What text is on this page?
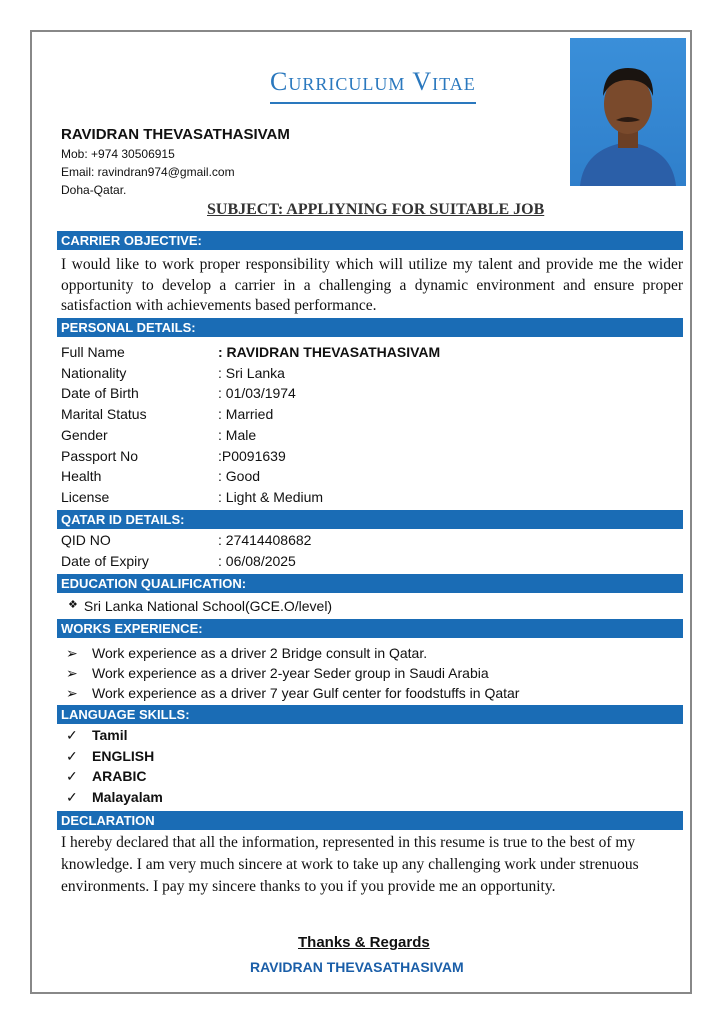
Curriculum Vitae
RAVIDRAN THEVASATHASIVAM
Mob: +974 30506915
Email: ravindran974@gmail.com
Doha-Qatar.
SUBJECT: APPLIYNING FOR SUITABLE JOB
CARRIER OBJECTIVE:
I would like to work proper responsibility which will utilize my talent and provide me the wider opportunity to develop a carrier in a challenging a dynamic environment and ensure proper satisfaction with achievements based performance.
PERSONAL DETAILS:
Full Name	: RAVIDRAN THEVASATHASIVAM
Nationality	: Sri Lanka
Date of Birth	: 01/03/1974
Marital Status	: Married
Gender	: Male
Passport No	:P0091639
Health	: Good
License	: Light & Medium
QATAR ID DETAILS:
QID NO	: 27414408682
Date of Expiry	: 06/08/2025
EDUCATION QUALIFICATION:
❖ Sri Lanka National School(GCE.O/level)
WORKS EXPERIENCE:
➢ Work experience as a driver 2 Bridge consult in Qatar.
➢ Work experience as a driver 2-year Seder group in Saudi Arabia
➢ Work experience as a driver 7 year Gulf center for foodstuffs in Qatar
LANGUAGE SKILLS:
✓ Tamil
✓ ENGLISH
✓ ARABIC
✓ Malayalam
DECLARATION
I hereby declared that all the information, represented in this resume is true to the best of my knowledge. I am very much sincere at work to take up any challenging work under strenuous environments. I pay my sincere thanks to you if you provide me an opportunity.
Thanks & Regards
RAVIDRAN THEVASATHASIVAM
